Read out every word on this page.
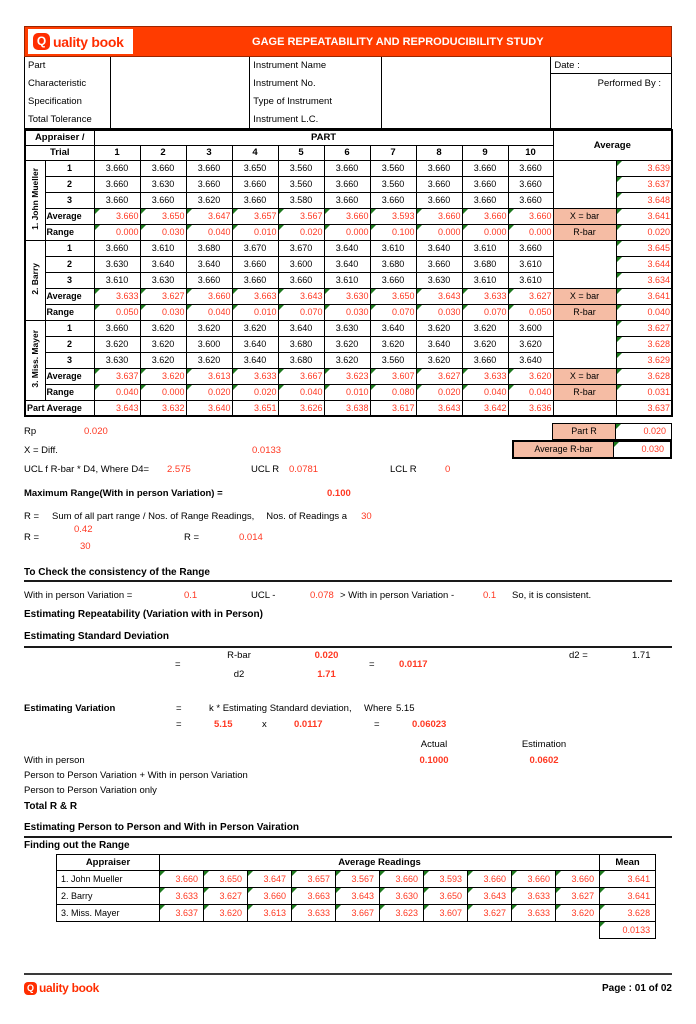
Q uality book	GAGE REPEATABILITY AND REPRODUCIBILITY STUDY
Part
Characteristic
Specification
Total Tolerance
Instrument Name
Instrument No.
Type of Instrument
Instrument L.C.
Date :
Performed By :
Appraiser /		PART										Average	
Trial		1	2	3	4	5	6	7	8	9	10		
1. John Mueller	1	3.660	3.660	3.660	3.650	3.560	3.660	3.560	3.660	3.660	3.660		3.639
	2	3.660	3.630	3.660	3.660	3.560	3.660	3.560	3.660	3.660	3.660		3.637
	3	3.660	3.660	3.620	3.660	3.580	3.660	3.660	3.660	3.660	3.660		3.648
	Average	3.660	3.650	3.647	3.657	3.567	3.660	3.593	3.660	3.660	3.660	X = bar	3.641
	Range	0.000	0.030	0.040	0.010	0.020	0.000	0.100	0.000	0.000	0.000	R-bar	0.020
2. Barry	1	3.660	3.610	3.680	3.670	3.670	3.640	3.610	3.640	3.610	3.660		3.645
	2	3.630	3.640	3.640	3.660	3.600	3.640	3.680	3.660	3.680	3.610		3.644
	3	3.610	3.630	3.660	3.660	3.660	3.610	3.660	3.630	3.610	3.610		3.634
	Average	3.633	3.627	3.660	3.663	3.643	3.630	3.650	3.643	3.633	3.627	X = bar	3.641
	Range	0.050	0.030	0.040	0.010	0.070	0.030	0.070	0.030	0.070	0.050	R-bar	0.040
3. Miss. Mayer	1	3.660	3.620	3.620	3.620	3.640	3.630	3.640	3.620	3.620	3.600		3.627
	2	3.620	3.620	3.600	3.640	3.680	3.620	3.620	3.640	3.620	3.620		3.628
	3	3.630	3.620	3.620	3.640	3.680	3.620	3.560	3.620	3.660	3.640		3.629
	Average	3.637	3.620	3.613	3.633	3.667	3.623	3.607	3.627	3.633	3.620	X = bar	3.628
	Range	0.040	0.000	0.020	0.020	0.040	0.010	0.080	0.020	0.040	0.040	R-bar	0.031
Part Average		3.643	3.632	3.640	3.651	3.626	3.638	3.617	3.643	3.642	3.636		3.637
Rp	0.020	Part R	0.020
X = Diff.	0.0133	Average R-bar	0.030
UCL f R-bar * D4, Where D4=	2.575	UCL R	0.0781	LCL R	0
Maximum Range(With in person Variation) =	0.100
R =	Sum of all part range / Nos. of Range Readings, Nos. of Readings a 30
R =
0.42
30
R =	0.014
To Check the consistency of the Range
With in person Variation =	0.1	UCL -	0.078 > With in person Variation -	0.1	So, it is consistent.
Estimating Repeatability (Variation with in Person)
Estimating Standard Deviation
=
R-bar
d2
0.020
1.71
=	0.0117
d2 =	1.71
Estimating Variation	=	k * Estimating Standard deviation,	Where 5.15
=	5.15	x	0.0117	=	0.06023
Actual	Estimation
With in person	0.1000	0.0602
Person to Person Variation + With in person Variation
Person to Person Variation only
Total R & R
Estimating Person to Person and With in Person Vairation
Finding out the Range
Appraiser	Average Readings										Mean
1. John Mueller	3.660	3.650	3.647	3.657	3.567	3.660	3.593	3.660	3.660	3.660	3.641
2. Barry	3.633	3.627	3.660	3.663	3.643	3.630	3.650	3.643	3.633	3.627	3.641
3. Miss. Mayer	3.637	3.620	3.613	3.633	3.667	3.623	3.607	3.627	3.633	3.620	3.628
											0.0133
Q uality book	Page : 01 of 02
